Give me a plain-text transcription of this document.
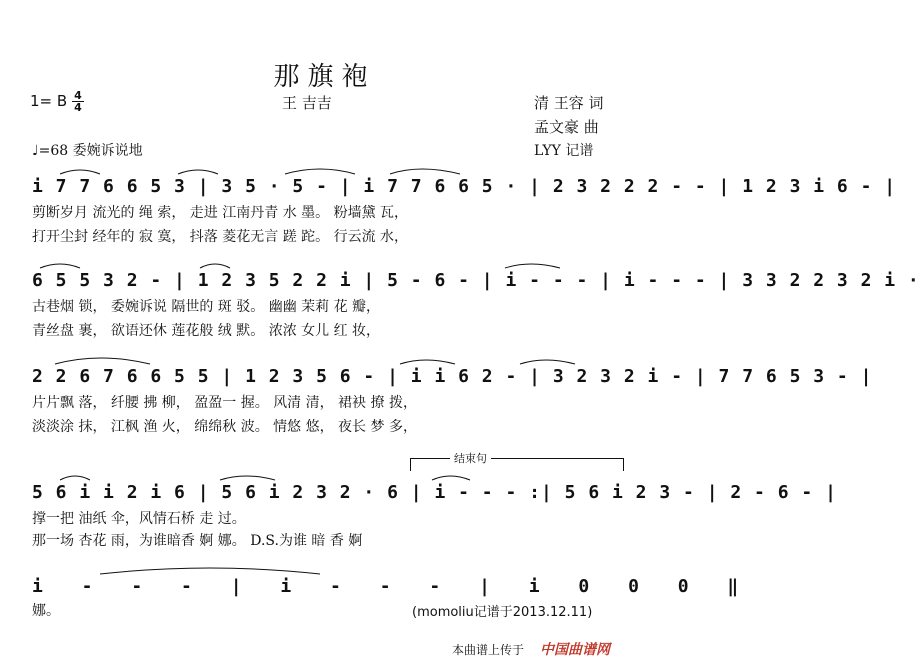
那旗袍
1= B 4
4	王 吉吉	清 王容 词
孟文豪 曲
♩=68 委婉诉说地	LYY 记谱
i 7 7 6 6 5 3 | 3 5 · 5 - | i 7 7 6 6 5 · | 2 3 2 2 2 - - | 1 2 3 i 6 - |
剪断岁月 流光的 绳 索， 走进 江南丹青 水 墨。 粉墙黛 瓦，
打开尘封 经年的 寂 寞， 抖落 菱花无言 蹉 跎。 行云流 水，
6 5 5 3 2 - | 1 2 3 5 2 2 i | 5 - 6 - | i - - - | i - - - | 3 3 2 2 3 2 i ·
古巷烟 锁， 委婉诉说 隔世的 斑 驳。 幽幽 茉莉 花 瓣，
青丝盘 裹， 欲语还休 莲花般 绒 默。 浓浓 女儿 红 妆，
2 2 6 7 6 6 5 5 | 1 2 3 5 6 - | i i 6 2 - | 3 2 3 2 i - | 7 7 6 5 3 - |
片片飘 落， 纤腰 拂 柳， 盈盈一 握。 风清 清， 裙袂 撩 拨，
淡淡涂 抹， 江枫 渔 火， 绵绵秋 波。 情悠 悠， 夜长 梦 多，
结束句
5 6 i i 2 i 6 | 5 6 i 2 3 2 · 6 | i - - - :| 5 6 i 2 3 - | 2 - 6 - |
撑一把 油纸 伞，风情石桥 走 过。
那一场 杏花 雨，为谁暗香 婀 娜。 D.S.为谁 暗 香 婀
i - - - | i - - - | i 0 0 0 ‖
娜。	(momoliu记谱于2013.12.11)
本曲谱上传于 中国曲谱网
